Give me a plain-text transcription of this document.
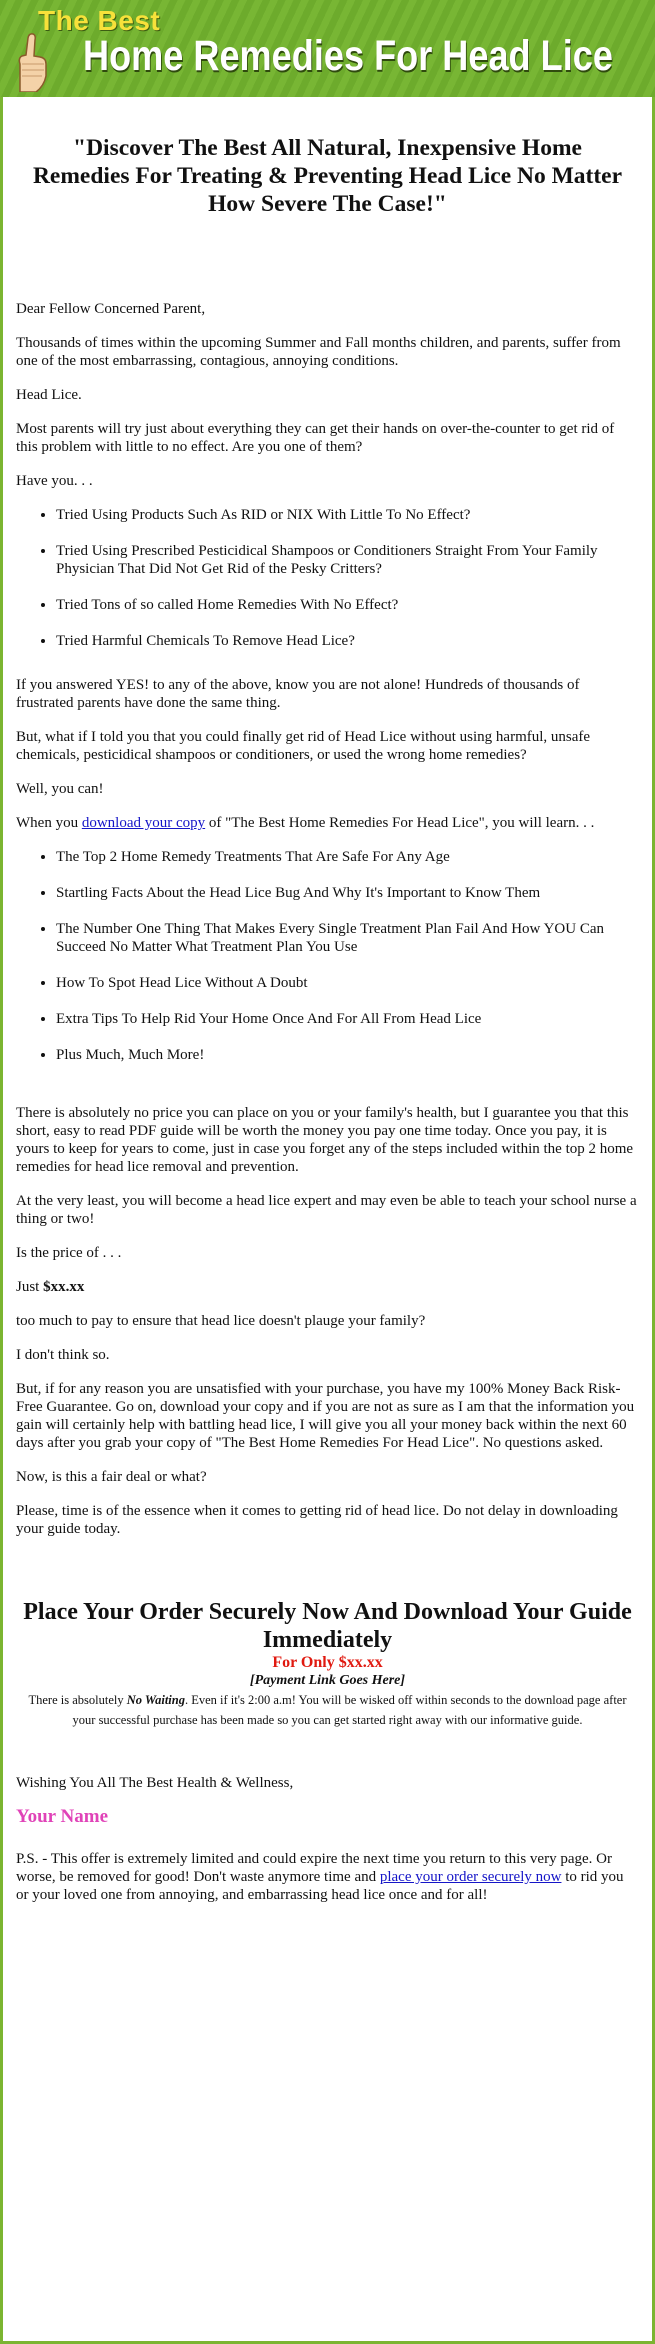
The Best
Home Remedies For Head Lice
"Discover The Best All Natural, Inexpensive Home Remedies For Treating & Preventing Head Lice No Matter How Severe The Case!"

Dear Fellow Concerned Parent,

Thousands of times within the upcoming Summer and Fall months children, and parents, suffer from one of the most embarrassing, contagious, annoying conditions.

Head Lice.

Most parents will try just about everything they can get their hands on over-the-counter to get rid of this problem with little to no effect. Are you one of them?

Have you. . .

• Tried Using Products Such As RID or NIX With Little To No Effect?
• Tried Using Prescribed Pesticidical Shampoos or Conditioners Straight From Your Family Physician That Did Not Get Rid of the Pesky Critters?
• Tried Tons of so called Home Remedies With No Effect?
• Tried Harmful Chemicals To Remove Head Lice?

If you answered YES! to any of the above, know you are not alone! Hundreds of thousands of frustrated parents have done the same thing.

But, what if I told you that you could finally get rid of Head Lice without using harmful, unsafe chemicals, pesticidical shampoos or conditioners, or used the wrong home remedies?

Well, you can!

When you download your copy of "The Best Home Remedies For Head Lice", you will learn. . .

• The Top 2 Home Remedy Treatments That Are Safe For Any Age
• Startling Facts About the Head Lice Bug And Why It's Important to Know Them
• The Number One Thing That Makes Every Single Treatment Plan Fail And How YOU Can Succeed No Matter What Treatment Plan You Use
• How To Spot Head Lice Without A Doubt
• Extra Tips To Help Rid Your Home Once And For All From Head Lice
• Plus Much, Much More!

There is absolutely no price you can place on you or your family's health, but I guarantee you that this short, easy to read PDF guide will be worth the money you pay one time today. Once you pay, it is yours to keep for years to come, just in case you forget any of the steps included within the top 2 home remedies for head lice removal and prevention.

At the very least, you will become a head lice expert and may even be able to teach your school nurse a thing or two!

Is the price of . . .

Just $xx.xx

too much to pay to ensure that head lice doesn't plauge your family?

I don't think so.

But, if for any reason you are unsatisfied with your purchase, you have my 100% Money Back Risk-Free Guarantee. Go on, download your copy and if you are not as sure as I am that the information you gain will certainly help with battling head lice, I will give you all your money back within the next 60 days after you grab your copy of "The Best Home Remedies For Head Lice". No questions asked.

Now, is this a fair deal or what?

Please, time is of the essence when it comes to getting rid of head lice. Do not delay in downloading your guide today.

Place Your Order Securely Now And Download Your Guide Immediately
For Only $xx.xx
[Payment Link Goes Here]
There is absolutely No Waiting. Even if it's 2:00 a.m! You will be wisked off within seconds to the download page after your successful purchase has been made so you can get started right away with our informative guide.

Wishing You All The Best Health & Wellness,

Your Name

P.S. - This offer is extremely limited and could expire the next time you return to this very page. Or worse, be removed for good! Don't waste anymore time and place your order securely now to rid you or your loved one from annoying, and embarrassing head lice once and for all!
